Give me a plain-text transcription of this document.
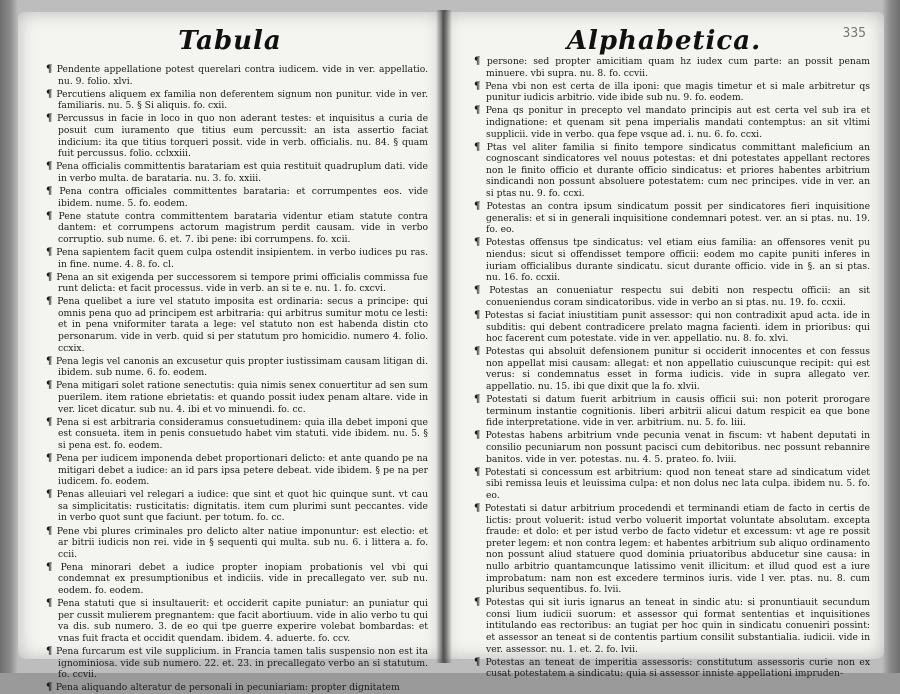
Tabula

¶ Pendente appellatione potest querelari contra iudicem. vide in ver. appellatio. nu. 9. folio. xlvi.

¶ Percutiens aliquem ex familia non deferentem signum non punitur. vide in ver. familiaris. nu. 5. § Si aliquis. fo. cxii.

¶ Percussus in facie in loco in quo non aderant testes: et inquisitus a curia de posuit cum iuramento que titius eum percussit: an ista assertio faciat indicium: ita que titius torqueri possit. vide in verb. officialis. nu. 84. § quam fuit percussus. folio. cclxxiii.

¶ Pena officialis committentis baratariam est quia restituit quadruplum dati. vide in verbo multa. de barataria. nu. 3. fo. xxiii.

¶ Pena contra officiales committentes barataria: et corrumpentes eos. vide ibidem. nume. 5. fo. eodem.

¶ Pene statute contra committentem barataria videntur etiam statute contra dantem: et corrumpens actorum magistrum perdit causam. vide in verbo corruptio. sub nume. 6. et. 7. ibi pene: ibi corrumpens. fo. xcii.

¶ Pena sapientem facit quem culpa ostendit insipientem. in verbo iudices pu ras. in fine. nume. 4. 8. fo. cl.

¶ Pena an sit exigenda per successorem si tempore primi officialis commissa fue runt delicta: et facit processus. vide in verb. an si te e. nu. 1. fo. cxcvi.

¶ Pena quelibet a iure vel statuto imposita est ordinaria: secus a principe: qui omnis pena quo ad principem est arbitraria: qui arbitrus sumitur motu ce lesti: et in pena vniformiter tarata a lege: vel statuto non est habenda distin cto personarum. vide in verb. quid si per statutum pro homicidio. numero 4. folio. ccxix.

¶ Pena legis vel canonis an excusetur quis propter iustissimam causam litigan di. ibidem. sub nume. 6. fo. eodem.

¶ Pena mitigari solet ratione senectutis: quia nimis senex conuertitur ad sen sum puerilem. item ratione ebrietatis: et quando possit iudex penam altare. vide in ver. licet dicatur. sub nu. 4. ibi et vo minuendi. fo. cc.

¶ Pena si est arbitraria consideramus consuetudinem: quia illa debet imponi que est consueta. item in penis consuetudo habet vim statuti. vide ibidem. nu. 5. § si pena est. fo. eodem.

¶ Pena per iudicem imponenda debet proportionari delicto: et ante quando pe na mitigari debet a iudice: an id pars ipsa petere debeat. vide ibidem. § pe na per iudicem. fo. eodem.

¶ Penas alleuiari vel relegari a iudice: que sint et quot hic quinque sunt. vt cau sa simplicitatis: rusticitatis: dignitatis. item cum plurimi sunt peccantes. vide in verbo quot sunt que faciunt. per totum. fo. cc.

¶ Pene vbi plures criminales pro delicto alter natiue imponuntur: est electio: et ar bitrii iudicis non rei. vide in § sequenti qui multa. sub nu. 6. i littera a. fo. ccii.

¶ Pena minorari debet a iudice propter inopiam probationis vel vbi qui condemnat ex presumptionibus et indiciis. vide in precallegato ver. sub nu. eodem. fo. eodem.

¶ Pena statuti que si insultauerit: et occiderit capite puniatur: an puniatur qui per cussit mulierem pregnantem: que facit abortiuum. vide in alio verbo tu qui va dis. sub numero. 3. de eo qui tpe guerre experire volebat bombardas: et vnas fuit fracta et occidit quendam. ibidem. 4. aduerte. fo. ccv.

¶ Pena furcarum est vile supplicium. in Francia tamen talis suspensio non est ita ignominiosa. vide sub numero. 22. et. 23. in precallegato verbo an si statutum. fo. ccvii.

¶ Pena aliquando alteratur de personali in pecuniariam: propter dignitatem

Alphabetica.	335

¶ persone: sed propter amicitiam quam hz iudex cum parte: an possit penam minuere. vbi supra. nu. 8. fo. ccvii.

¶ Pena vbi non est certa de illa iponi: que magis timetur et si male arbitretur qs punitur iudicis arbitrio. vide ibide sub nu. 9. fo. eodem.

¶ Pena qs ponitur in precepto vel mandato principis aut est certa vel sub ira et indignatione: et quenam sit pena imperialis mandati contemptus: an sit vltimi supplicii. vide in verbo. qua fepe vsque ad. i. nu. 6. fo. ccxi.

¶ Ptas vel aliter familia si finito tempore sindicatus committant maleficium an cognoscant sindicatores vel nouus potestas: et dni potestates appellant rectores non le finito officio et durante officio sindicatus: et priores habentes arbitrium sindicandi non possunt absoluere potestatem: cum nec principes. vide in ver. an si ptas nu. 9. fo. ccxi.

¶ Potestas an contra ipsum sindicatum possit per sindicatores fieri inquisitione generalis: et si in generali inquisitione condemnari potest. ver. an si ptas. nu. 19. fo. eo.

¶ Potestas offensus tpe sindicatus: vel etiam eius familia: an offensores venit pu niendus: sicut si offendisset tempore officii: eodem mo capite puniti inferes in iuriam officialibus durante sindicatu. sicut durante officio. vide in §. an si ptas. nu. 16. fo. ccxii.

¶ Potestas an conueniatur respectu sui debiti non respectu officii: an sit conueniendus coram sindicatoribus. vide in verbo an si ptas. nu. 19. fo. ccxii.

¶ Potestas si faciat iniustitiam punit assessor: qui non contradixit apud acta. ide in subditis: qui debent contradicere prelato magna facienti. idem in prioribus: qui hoc facerent cum potestate. vide in ver. appellatio. nu. 8. fo. xlvi.

¶ Potestas qui absoluit defensionem punitur si occiderit innocentes et con fessus non appellat misi causam: allegat: et non appellatio cuiuscunque recipit: qui est verus: si condemnatus esset in forma iudicis. vide in supra allegato ver. appellatio. nu. 15. ibi que dixit que la fo. xlvii.

¶ Potestati si datum fuerit arbitrium in causis officii sui: non poterit prorogare terminum instantie cognitionis. liberi arbitrii alicui datum respicit ea que bone fide interpretatione. vide in ver. arbitrium. nu. 5. fo. liii.

¶ Potestas habens arbitrium vnde pecunia venat in fiscum: vt habent deputati in consilio pecuniarum non possunt pacisci cum debitoribus. nec possunt rebannire banitos. vide in ver. potestas. nu. 4. 5. prateo. fo. lviii.

¶ Potestati si concessum est arbitrium: quod non teneat stare ad sindicatum videt sibi remissa leuis et leuissima culpa: et non dolus nec lata culpa. ibidem nu. 5. fo. eo.

¶ Potestati si datur arbitrium procedendi et terminandi etiam de facto in certis de lictis: prout voluerit: istud verbo voluerit importat voluntate absolutam. excepta fraude: et dolo: et per istud verbo de facto videtur et excessum: vt age re possit preter legem: et non contra legem: et habentes arbitrium sub aliquo ordinamento non possunt aliud statuere quod dominia priuatoribus abducetur sine causa: in nullo arbitrio quantamcunque latissimo venit illicitum: et illud quod est a iure improbatum: nam non est excedere terminos iuris. vide l ver. ptas. nu. 8. cum pluribus sequentibus. fo. lvii.

¶ Potestas qui sit iuris ignarus an teneat in sindic atu: si pronuntiauit secundum consi lium iudicii suorum: et assessor qui format sententias et inquisitiones intitulando eas rectoribus: an tugiat per hoc quin in sindicatu conueniri possint: et assessor an teneat si de contentis partium consilit substantialia. iudicii. vide in ver. assessor. nu. 1. et. 2. fo. lvii.

¶ Potestas an teneat de imperitia assessoris: constitutum assessoris curie non ex cusat potestatem a sindicatu: quia si assessor inniste appellationi impruden-
